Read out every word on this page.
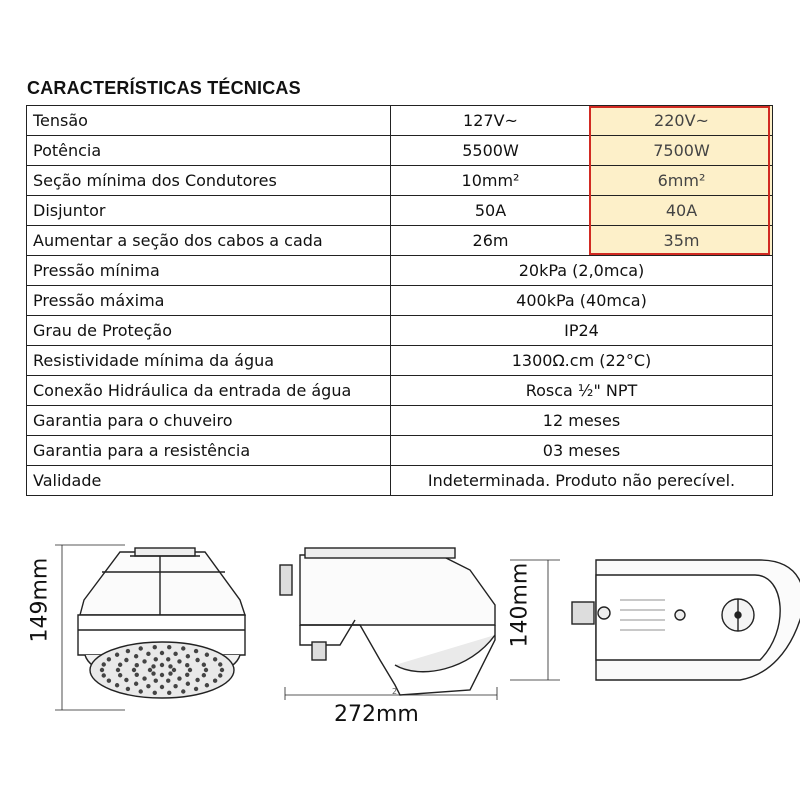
CARACTERÍSTICAS TÉCNICAS
Tensão	127V~	220V~
Potência	5500W	7500W
Seção mínima dos Condutores	10mm²	6mm²
Disjuntor	50A	40A
Aumentar a seção dos cabos a cada	26m	35m
Pressão mínima	20kPa (2,0mca)	
Pressão máxima	400kPa (40mca)	
Grau de Proteção	IP24	
Resistividade mínima da água	1300Ω.cm (22°C)	
Conexão Hidráulica da entrada de água	Rosca ½" NPT	
Garantia para o chuveiro	12 meses	
Garantia para a resistência	03 meses	
Validade	Indeterminada. Produto não perecível.	
2
149mm
272mm
140mm
